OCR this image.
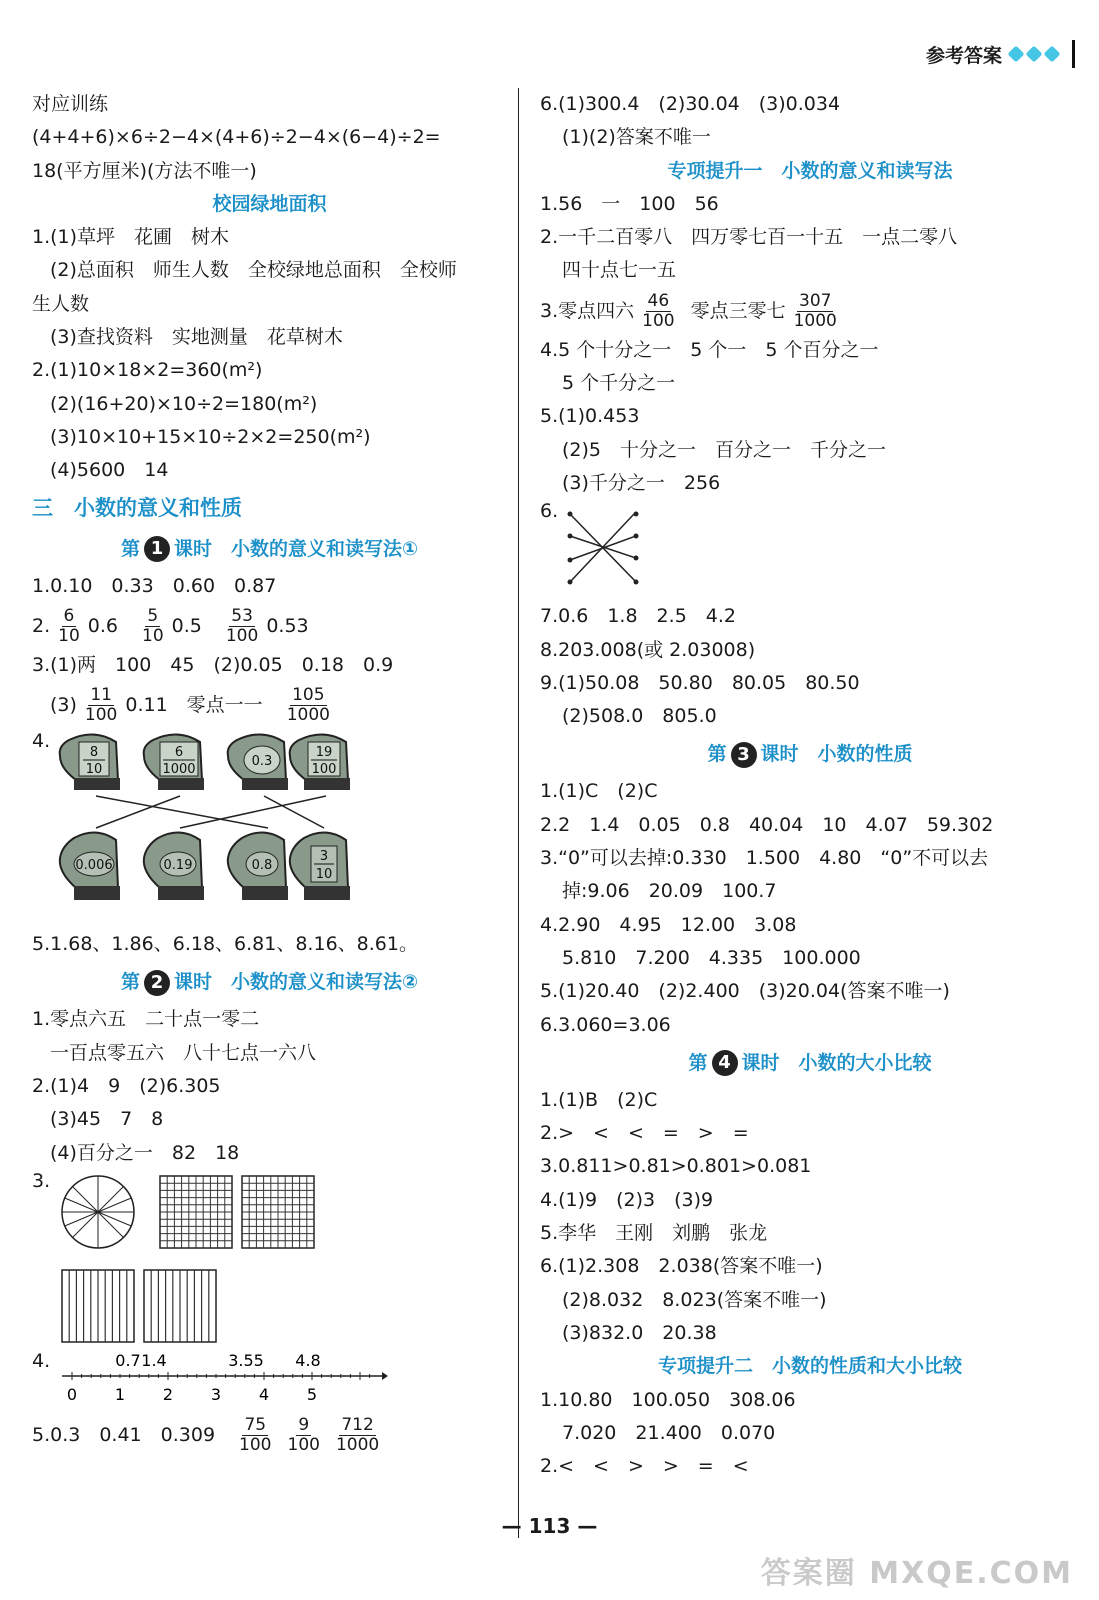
参考答案
对应训练
(4+4+6)×6÷2−4×(4+6)÷2−4×(6−4)÷2=
18(平方厘米)(方法不唯一)
校园绿地面积
1.(1)草坪　花圃　树木
(2)总面积　师生人数　全校绿地总面积　全校师
生人数
(3)查找资料　实地测量　花草树木
2.(1)10×18×2=360(m²)
(2)(16+20)×10÷2=180(m²)
(3)10×10+15×10÷2×2=250(m²)
(4)5600　14
三　小数的意义和性质
第 1 课时　小数的意义和读写法①
1.0.10　0.33　0.60　0.87
2. $\frac{6}{10} 0.6 \frac{5}{10} 0.5 \frac{53}{100} 0.53$
3.(1)两　100　45　(2)0.05　0.18　0.9
$(3) \frac{11}{100} 0.11$　零点一一 $\frac{105}{1000}$
4.
8
10
6
1000
0.3
19
100
0.006	0.19	0.8
3
10
5.1.68、1.86、6.18、6.81、8.16、8.61。
第 2 课时　小数的意义和读写法②
1.零点六五　二十点一零二
一百点零五六　八十七点一六八
2.(1)4　9　(2)6.305
(3)45　7　8
(4)百分之一　82　18
3.
4.	0.7 1.4	3.55 4.8
0 1 2 3 4 5
5.0.3　0.41　$0.309 \frac{75}{100} \frac{9}{100} \frac{712}{1000}$
6.(1)300.4　(2)30.04　(3)0.034
(1)(2)答案不唯一
专项提升一　小数的意义和读写法
1.56　一　100　56
2.一千二百零八　四万零七百一十五　一点二零八
四十点七一五
3.零点四六 $\frac{46}{100}$ 零点三零七 $\frac{307}{1000}$
4.5 个十分之一　5 个一　5 个百分之一
5 个千分之一
5.(1)0.453
(2)5　十分之一　百分之一　千分之一
(3)千分之一　256
6.
7.0.6　1.8　2.5　4.2
8.203.008(或 2.03008)
9.(1)50.08　50.80　80.05　80.50
(2)508.0　805.0
第 3 课时　小数的性质
1.(1)C　(2)C
2.2　1.4　0.05　0.8　40.04　10　4.07　59.302
3.“0”可以去掉:0.330　1.500　4.80　“0”不可以去
掉:9.06　20.09　100.7
4.2.90　4.95　12.00　3.08
5.810　7.200　4.335　100.000
5.(1)20.40　(2)2.400　(3)20.04(答案不唯一)
6.3.060=3.06
第 4 课时　小数的大小比较
1.(1)B　(2)C
2.>　<　<　=　>　=
3.0.811>0.81>0.801>0.081
4.(1)9　(2)3　(3)9
5.李华　王刚　刘鹏　张龙
6.(1)2.308　2.038(答案不唯一)
(2)8.032　8.023(答案不唯一)
(3)832.0　20.38
专项提升二　小数的性质和大小比较
1.10.80　100.050　308.06
7.020　21.400　0.070
2.<　<　>　>　=　<
— 113 —
答案圈 MXQE.COM
